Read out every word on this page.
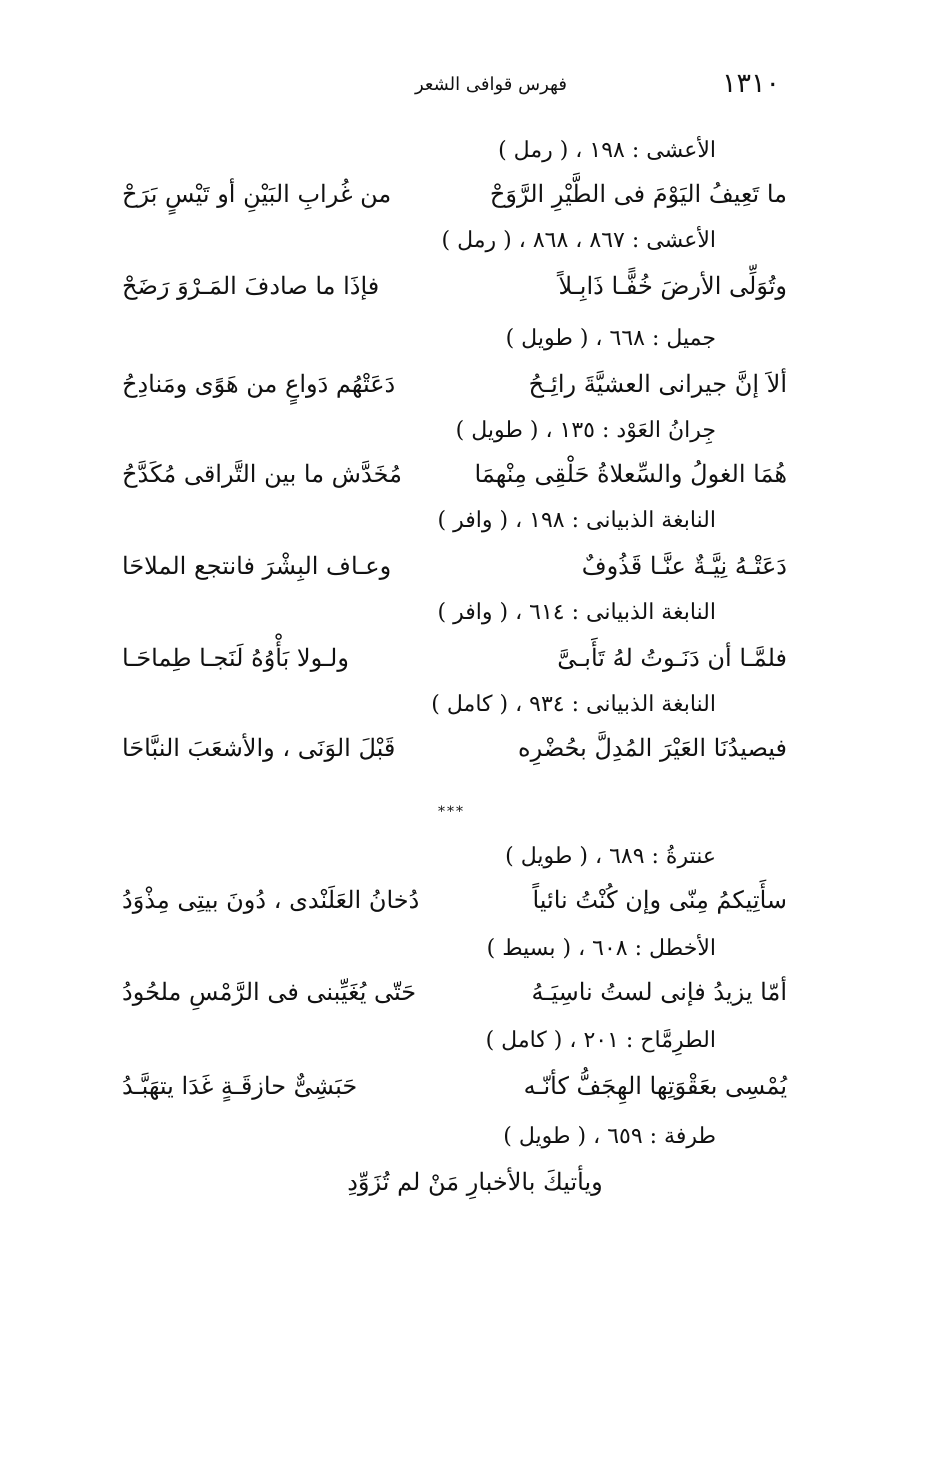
١٣١٠
فهرس قوافى الشعر
الأعشى : ١٩٨ ، ( رمل )
ما تَعِيفُ اليَوْمَ فى الطَّيْرِ الرَّوَحْ
من غُرابِ البَيْنِ أو تَيْسٍ بَرَحْ
الأعشى : ٨٦٧ ، ٨٦٨ ، ( رمل )
وتُوَلِّى الأرضَ خُفًّـا ذَابِـلاً
فإذَا ما صادفَ المَـرْوَ رَضَحْ
جميل : ٦٦٨ ، ( طويل )
ألاَ إنَّ جيرانى العشيَّةَ رائِـحُ
دَعَتْهُم دَواعٍ من هَوًى ومَنادِحُ
جِرانُ العَوْد : ١٣٥ ، ( طويل )
هُمَا الغولُ والسِّعلاةُ حَلْقِى مِنْهمَا
مُخَدَّش ما بين التَّراقى مُكَدَّحُ
النابغة الذبيانى : ١٩٨ ، ( وافر )
دَعَتْـهُ نِيَّـةٌ عنَّـا قَذُوفٌ
وعـاف البِشْرَ فانتجع الملاحَا
النابغة الذبيانى : ٦١٤ ، ( وافر )
فلمَّـا أن دَنَـوتُ لهُ تَأَبـىَّ
ولـولا بَأْوُهُ لَنَجـا طِماحَـا
النابغة الذبيانى : ٩٣٤ ، ( كامل )
فيصيدُنَا العَيْرَ المُدِلَّ بحُضْرِه
قَبْلَ الوَنَى ، والأشعَبَ النبَّاحَا
***
عنترةُ : ٦٨٩ ، ( طويل )
سأَتِيكمُ مِنّى وإن كُنْتُ نائياً
دُخانُ العَلَنْدى ، دُونَ بيتِى مِذْوَدُ
الأخطل : ٦٠٨ ، ( بسيط )
أمّا يزيدُ فإنى لستُ ناسِيَـهُ
حَتّى يُغَيِّبنى فى الرَّمْسِ ملحُودُ
الطرِمَّاح : ٢٠١ ، ( كامل )
يُمْسِى بعَقْوَتِها الهِجَفُّ كأنّـه
حَبَشِىٌّ حازقَـةٍ غَدَا يتهَبَّـدُ
طرفة : ٦٥٩ ، ( طويل )
ويأتيكَ بالأخبارِ مَنْ لم تُزَوِّدِ
